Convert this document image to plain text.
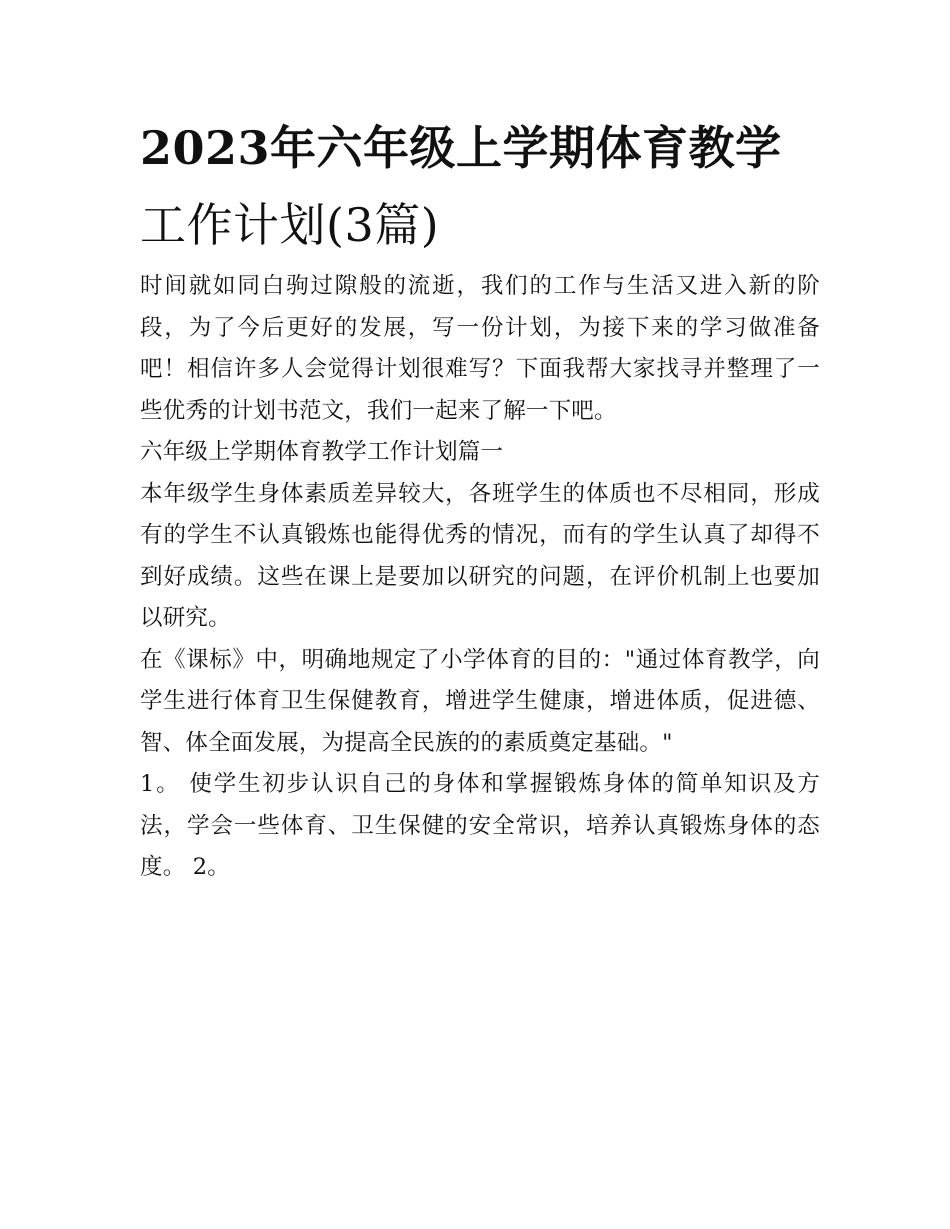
2023年六年级上学期体育教学
工作计划(3篇)

时间就如同白驹过隙般的流逝，我们的工作与生活又进入新的阶段，为了今后更好的发展，写一份计划，为接下来的学习做准备吧！相信许多人会觉得计划很难写？下面我帮大家找寻并整理了一些优秀的计划书范文，我们一起来了解一下吧。

六年级上学期体育教学工作计划篇一

本年级学生身体素质差异较大，各班学生的体质也不尽相同，形成有的学生不认真锻炼也能得优秀的情况，而有的学生认真了却得不到好成绩。这些在课上是要加以研究的问题，在评价机制上也要加以研究。

在《课标》中，明确地规定了小学体育的目的："通过体育教学，向学生进行体育卫生保健教育，增进学生健康，增进体质，促进德、智、体全面发展，为提高全民族的的素质奠定基础。"

1。 使学生初步认识自己的身体和掌握锻炼身体的简单知识及方法，学会一些体育、卫生保健的安全常识，培养认真锻炼身体的态度。 2。
